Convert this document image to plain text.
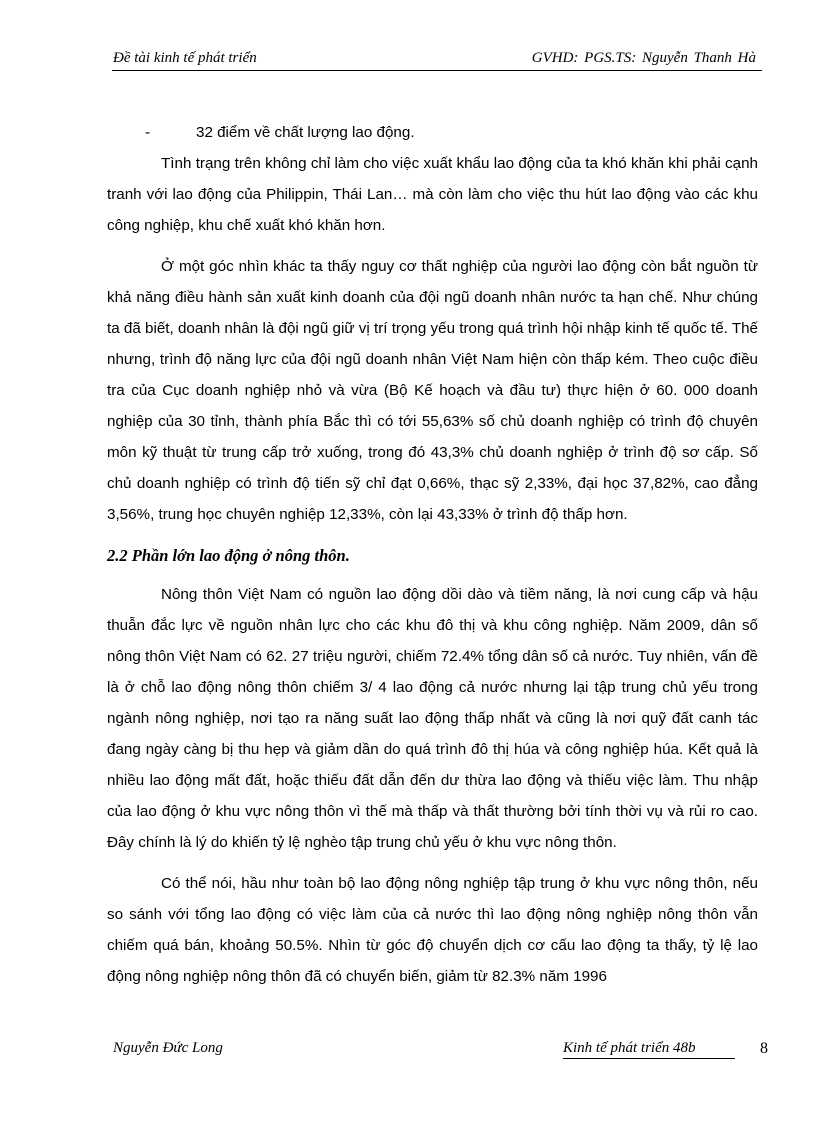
Đề tài kinh tế phát triển	GVHD: PGS.TS: Nguyễn Thanh Hà
-	32 điểm về chất lượng lao động.

Tình trạng trên không chỉ làm cho việc xuất khẩu lao động của ta khó khăn khi phải cạnh tranh với lao động của Philippin, Thái Lan… mà còn làm cho việc thu hút lao động vào các khu công nghiệp, khu chế xuất khó khăn hơn.

Ở một góc nhìn khác ta thấy nguy cơ thất nghiệp của người lao động còn bắt nguồn từ khả năng điều hành sản xuất kinh doanh của đội ngũ doanh nhân nước ta hạn chế. Như chúng ta đã biết, doanh nhân là đội ngũ giữ vị trí trọng yếu trong quá trình hội nhập kinh tế quốc tế. Thế nhưng, trình độ năng lực của đội ngũ doanh nhân Việt Nam hiện còn thấp kém. Theo cuộc điều tra của Cục doanh nghiệp nhỏ và vừa (Bộ Kế hoạch và đầu tư) thực hiện ở 60. 000 doanh nghiệp của 30 tỉnh, thành phía Bắc thì có tới 55,63% số chủ doanh nghiệp có trình độ chuyên môn kỹ thuật từ trung cấp trở xuống, trong đó 43,3% chủ doanh nghiệp ở trình độ sơ cấp. Số chủ doanh nghiệp có trình độ tiến sỹ chỉ đạt 0,66%, thạc sỹ 2,33%, đại học 37,82%, cao đẳng 3,56%, trung học chuyên nghiệp 12,33%, còn lại 43,33% ở trình độ thấp hơn.

2.2 Phần lớn lao động ở nông thôn.

Nông thôn Việt Nam có nguồn lao động dồi dào và tiềm năng, là nơi cung cấp và hậu thuẫn đắc lực về nguồn nhân lực cho các khu đô thị và khu công nghiệp. Năm 2009, dân số nông thôn Việt Nam có 62. 27 triệu người, chiếm 72.4% tổng dân số cả nước. Tuy nhiên, vấn đề là ở chỗ lao động nông thôn chiếm 3/ 4 lao động cả nước nhưng lại tập trung chủ yếu trong ngành nông nghiệp, nơi tạo ra năng suất lao động thấp nhất và cũng là nơi quỹ đất canh tác đang ngày càng bị thu hẹp và giảm dần do quá trình đô thị húa và công nghiệp húa. Kết quả là nhiều lao động mất đất, hoặc thiếu đất dẫn đến dư thừa lao động và thiếu việc làm. Thu nhập của lao động ở khu vực nông thôn vì thế mà thấp và thất thường bởi tính thời vụ và rủi ro cao. Đây chính là lý do khiến tỷ lệ nghèo tập trung chủ yếu ở khu vực nông thôn.

Có thể nói, hầu như toàn bộ lao động nông nghiệp tập trung ở khu vực nông thôn, nếu so sánh với tổng lao động có việc làm của cả nước thì lao động nông nghiệp nông thôn vẫn chiếm quá bán, khoảng 50.5%. Nhìn từ góc độ chuyển dịch cơ cấu lao động ta thấy, tỷ lệ lao động nông nghiệp nông thôn đã có chuyển biến, giảm từ 82.3% năm 1996

Nguyễn Đức Long	Kinh tế phát triển 48b	8
